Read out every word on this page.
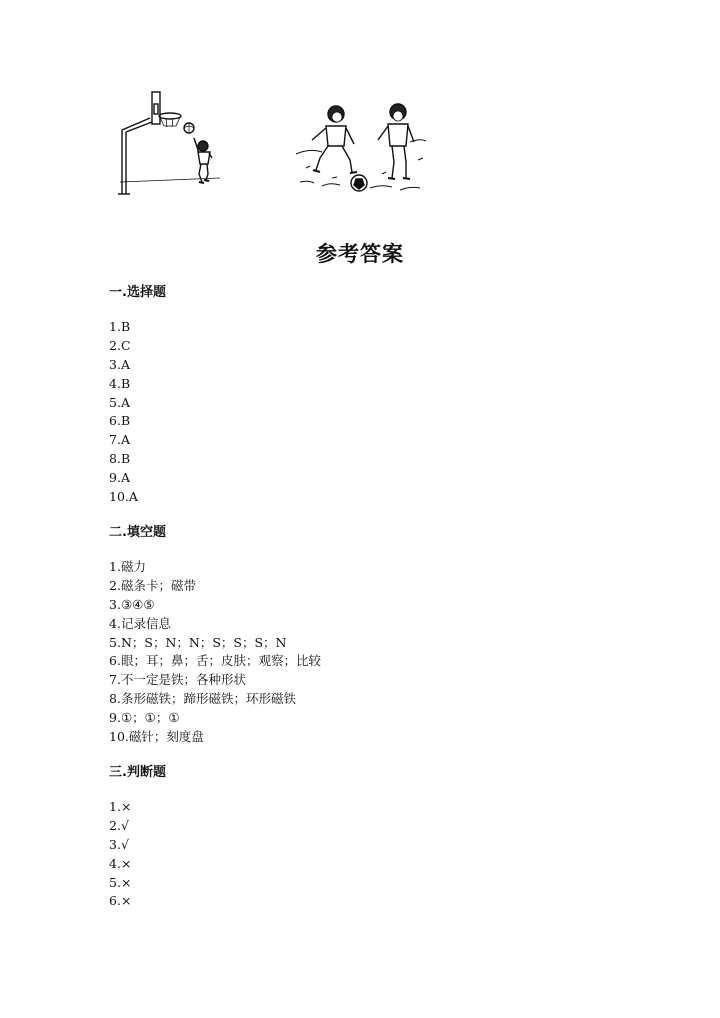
参考答案
一.选择题
1.B
2.C
3.A
4.B
5.A
6.B
7.A
8.B
9.A
10.A
二.填空题
1.磁力
2.磁条卡；磁带
3.③④⑤
4.记录信息
5.N；S；N；N；S；S；S；N
6.眼；耳；鼻；舌；皮肤；观察；比较
7.不一定是铁；各种形状
8.条形磁铁；蹄形磁铁；环形磁铁
9.①；①；①
10.磁针；刻度盘
三.判断题
1.×
2.√
3.√
4.×
5.×
6.×
